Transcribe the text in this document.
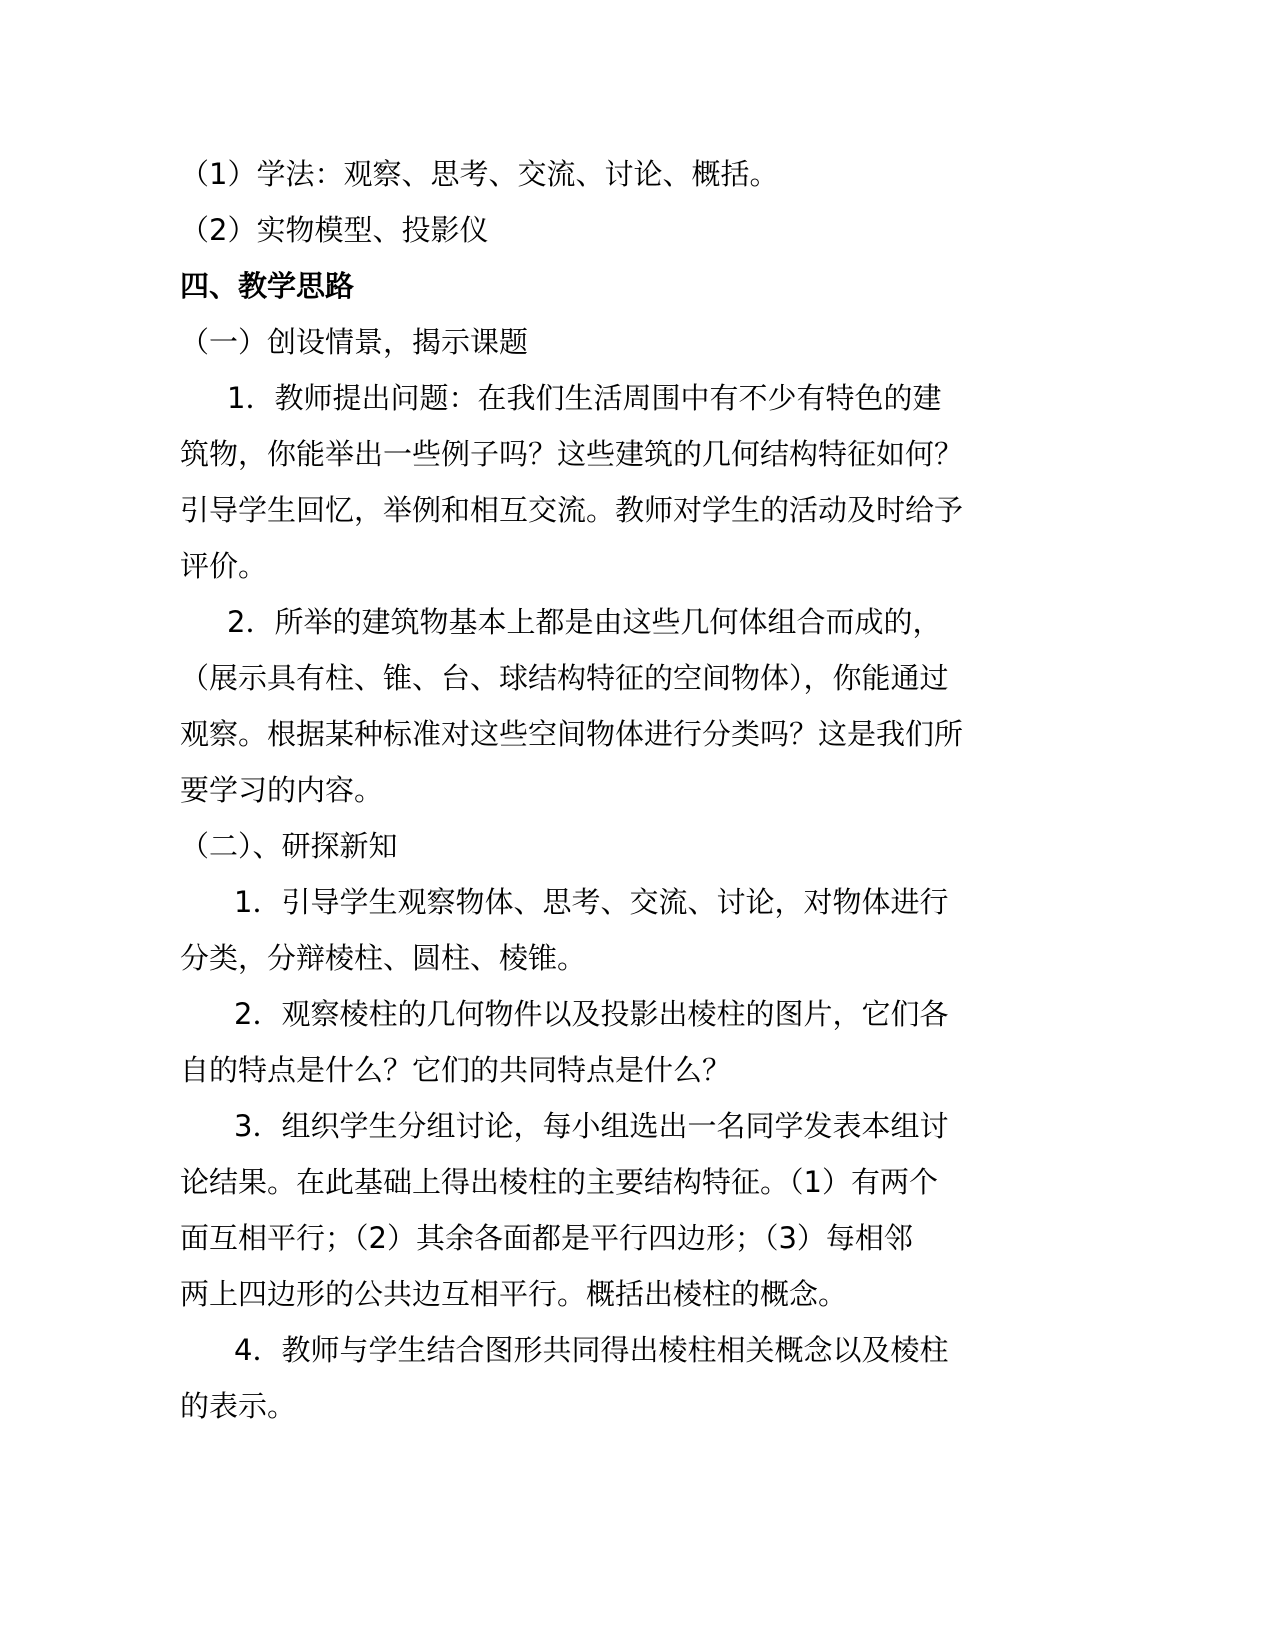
（1）学法：观察、思考、交流、讨论、概括。

（2）实物模型、投影仪

四、教学思路

（一）创设情景，揭示课题

1．教师提出问题：在我们生活周围中有不少有特色的建

筑物，你能举出一些例子吗？这些建筑的几何结构特征如何？

引导学生回忆，举例和相互交流。教师对学生的活动及时给予

评价。

2．所举的建筑物基本上都是由这些几何体组合而成的，

（展示具有柱、锥、台、球结构特征的空间物体），你能通过

观察。根据某种标准对这些空间物体进行分类吗？这是我们所

要学习的内容。

（二）、研探新知

1．引导学生观察物体、思考、交流、讨论，对物体进行

分类，分辩棱柱、圆柱、棱锥。

2．观察棱柱的几何物件以及投影出棱柱的图片，它们各

自的特点是什么？它们的共同特点是什么？

3．组织学生分组讨论，每小组选出一名同学发表本组讨

论结果。在此基础上得出棱柱的主要结构特征。（1）有两个

面互相平行；（2）其余各面都是平行四边形；（3）每相邻

两上四边形的公共边互相平行。概括出棱柱的概念。

4．教师与学生结合图形共同得出棱柱相关概念以及棱柱

的表示。
